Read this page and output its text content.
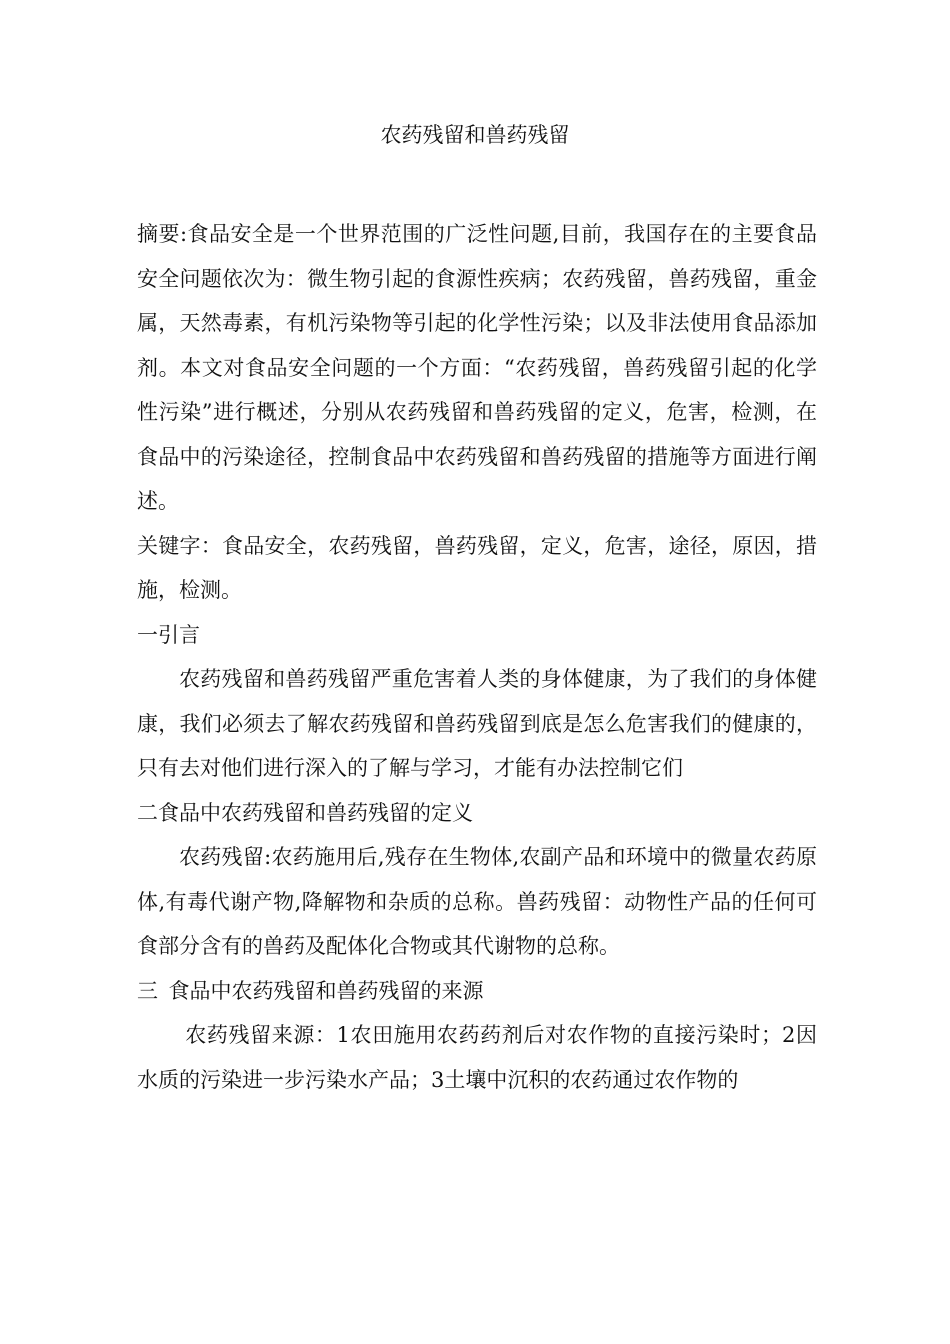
农药残留和兽药残留

摘要:食品安全是一个世界范围的广泛性问题,目前，我国存在的主要食品安全问题依次为：微生物引起的食源性疾病；农药残留，兽药残留，重金属，天然毒素，有机污染物等引起的化学性污染；以及非法使用食品添加剂。本文对食品安全问题的一个方面：“农药残留，兽药残留引起的化学性污染”进行概述，分别从农药残留和兽药残留的定义，危害，检测，在食品中的污染途径，控制食品中农药残留和兽药残留的措施等方面进行阐述。

关键字：食品安全，农药残留，兽药残留，定义，危害，途径，原因，措施，检测。

一引言

农药残留和兽药残留严重危害着人类的身体健康，为了我们的身体健康，我们必须去了解农药残留和兽药残留到底是怎么危害我们的健康的，只有去对他们进行深入的了解与学习，才能有办法控制它们

二食品中农药残留和兽药残留的定义

农药残留:农药施用后,残存在生物体,农副产品和环境中的微量农药原体,有毒代谢产物,降解物和杂质的总称。兽药残留：动物性产品的任何可食部分含有的兽药及配体化合物或其代谢物的总称。

三 食品中农药残留和兽药残留的来源

农药残留来源：1农田施用农药药剂后对农作物的直接污染时；2因水质的污染进一步污染水产品；3土壤中沉积的农药通过农作物的
